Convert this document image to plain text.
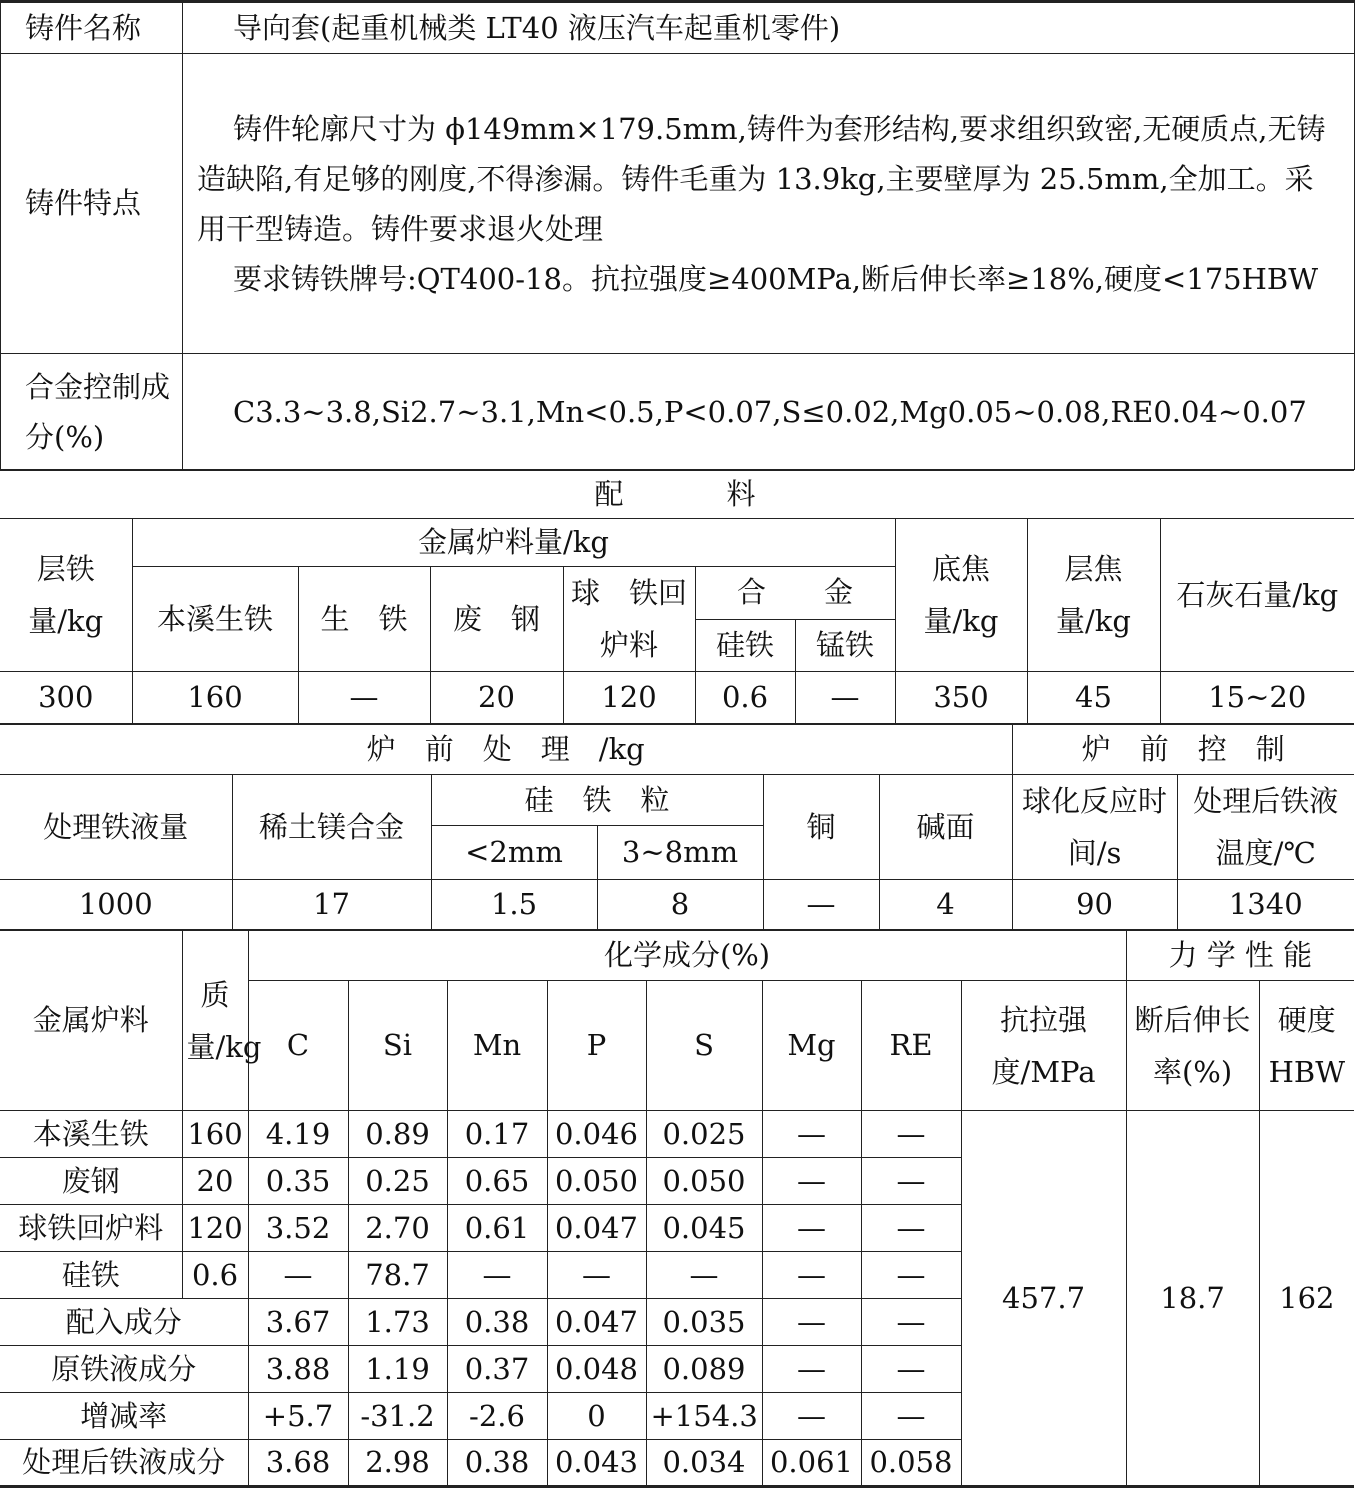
铸件名称	导向套(起重机械类 LT40 液压汽车起重机零件)
铸件特点	铸件轮廓尺寸为 ϕ149mm×179.5mm,铸件为套形结构,要求组织致密,无硬质点,无铸造缺陷,有足够的刚度,不得渗漏。铸件毛重为 13.9kg,主要壁厚为 25.5mm,全加工。采用干型铸造。铸件要求退火处理
要求铸铁牌号:QT400-18。抗拉强度≥400MPa,断后伸长率≥18%,硬度<175HBW

合金控制成分(%)	C3.3~3.8,Si2.7~3.1,Mn<0.5,P<0.07,S≤0.02,Mg0.05~0.08,RE0.04~0.07
配　　　料									
层铁量/kg	金属炉料量/kg						底焦量/kg	层焦量/kg	石灰石量/kg
	本溪生铁	生　铁	废　钢	球　铁回炉料	合　　金				
					硅铁	锰铁			
300	160	—	20	120	0.6	—	350	45	15~20
炉　前　处　理　/kg						炉　前　控　制	
处理铁液量	稀土镁合金	硅　铁　粒		铜	碱面	球化反应时间/s	处理后铁液温度/℃
		<2mm	3~8mm				
1000	17	1.5	8	—	4	90	1340
金属炉料	质量/kg	化学成分(%)								力 学 性 能	
		C	Si	Mn	P	S	Mg	RE	抗拉强度/MPa	断后伸长率(%)	硬度HBW
本溪生铁	160	4.19	0.89	0.17	0.046	0.025	—	—	457.7	18.7	162
废钢	20	0.35	0.25	0.65	0.050	0.050	—	—			
球铁回炉料	120	3.52	2.70	0.61	0.047	0.045	—	—			
硅铁	0.6	—	78.7	—	—	—	—	—			
配入成分		3.67	1.73	0.38	0.047	0.035	—	—			
原铁液成分		3.88	1.19	0.37	0.048	0.089	—	—			
增减率		+5.7	-31.2	-2.6	0	+154.3	—	—			
处理后铁液成分		3.68	2.98	0.38	0.043	0.034	0.061	0.058			
